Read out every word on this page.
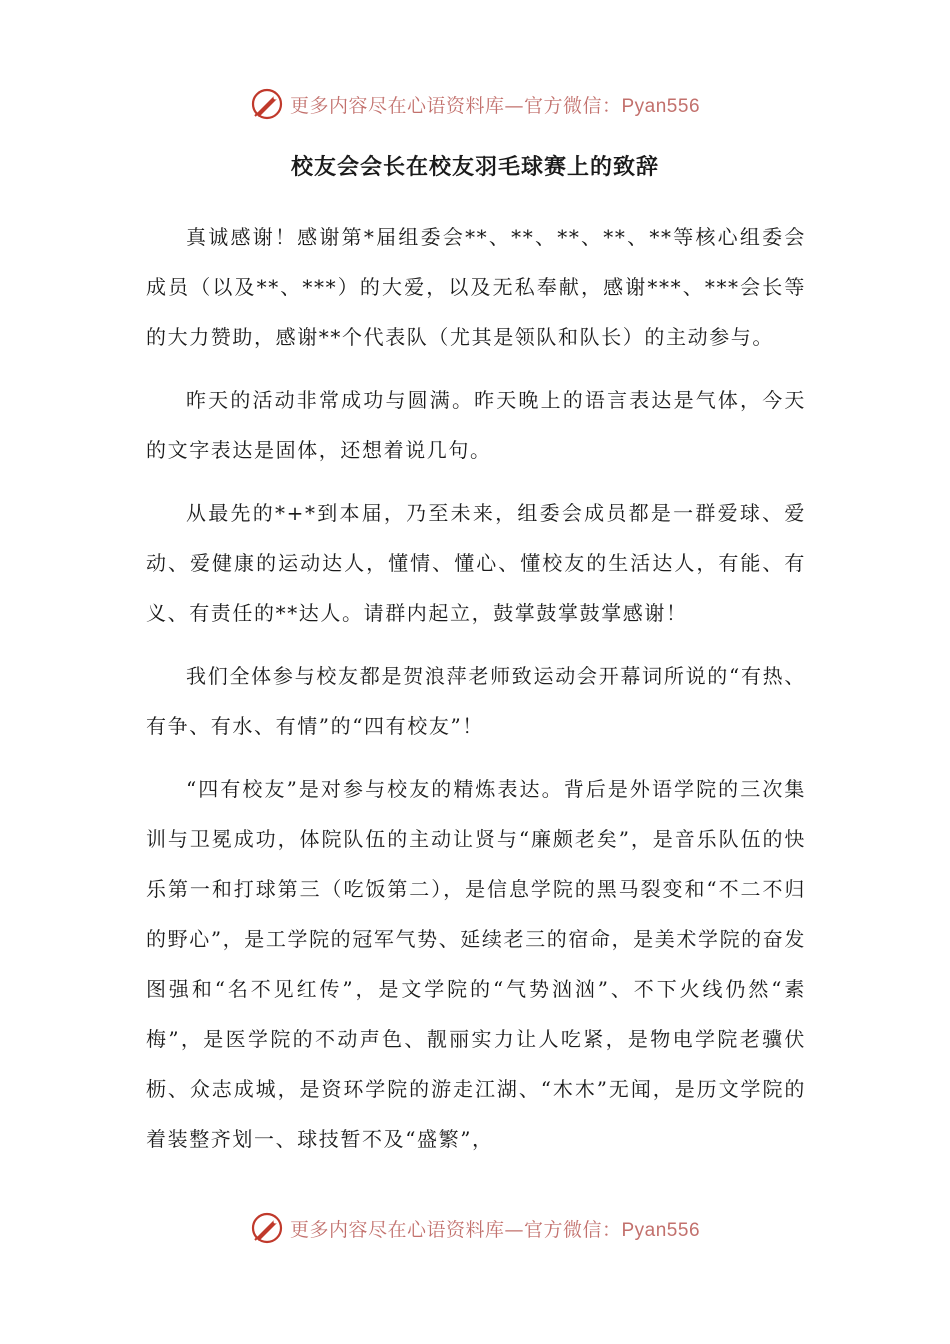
更多内容尽在心语资料库—官方微信：Pyan556
校友会会长在校友羽毛球赛上的致辞

真诚感谢！感谢第*届组委会**、**、**、**、**等核心组委会成员（以及**、***）的大爱，以及无私奉献，感谢***、***会长等的大力赞助，感谢**个代表队（尤其是领队和队长）的主动参与。

昨天的活动非常成功与圆满。昨天晚上的语言表达是气体，今天的文字表达是固体，还想着说几句。

从最先的*+*到本届，乃至未来，组委会成员都是一群爱球、爱动、爱健康的运动达人，懂情、懂心、懂校友的生活达人，有能、有义、有责任的**达人。请群内起立，鼓掌鼓掌鼓掌感谢！

我们全体参与校友都是贺浪萍老师致运动会开幕词所说的“有热、有争、有水、有情”的“四有校友”！

“四有校友”是对参与校友的精炼表达。背后是外语学院的三次集训与卫冕成功，体院队伍的主动让贤与“廉颇老矣”，是音乐队伍的快乐第一和打球第三（吃饭第二），是信息学院的黑马裂变和“不二不归的野心”，是工学院的冠军气势、延续老三的宿命，是美术学院的奋发图强和“名不见红传”，是文学院的“气势汹汹”、不下火线仍然“素梅”，是医学院的不动声色、靓丽实力让人吃紧，是物电学院老骥伏枥、众志成城，是资环学院的游走江湖、“木木”无闻，是历文学院的着装整齐划一、球技暂不及“盛繁”，

更多内容尽在心语资料库—官方微信：Pyan556
